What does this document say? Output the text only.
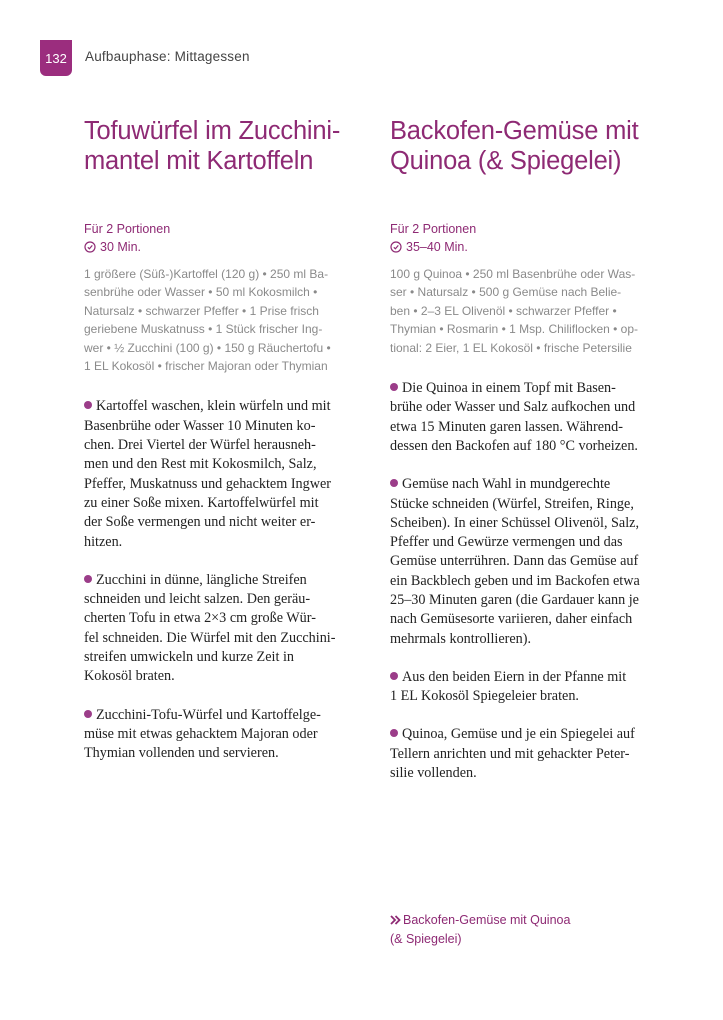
132 Aufbauphase: Mittagessen
Tofuwürfel im Zucchini-
mantel mit Kartoffeln
Für 2 Portionen
30 Min.
1 größere (Süß-)Kartoffel (120 g) • 250 ml Ba-
senbrühe oder Wasser • 50 ml Kokosmilch •
Natursalz • schwarzer Pfeffer • 1 Prise frisch
geriebene Muskatnuss • 1 Stück frischer Ing-
wer • ½ Zucchini (100 g) • 150 g Räuchertofu •
1 EL Kokosöl • frischer Majoran oder Thymian
Kartoffel waschen, klein würfeln und mit
Basenbrühe oder Wasser 10 Minuten ko-
chen. Drei Viertel der Würfel herausneh-
men und den Rest mit Kokosmilch, Salz,
Pfeffer, Muskatnuss und gehacktem Ingwer
zu einer Soße mixen. Kartoffelwürfel mit
der Soße vermengen und nicht weiter er-
hitzen.
Zucchini in dünne, längliche Streifen
schneiden und leicht salzen. Den geräu-
cherten Tofu in etwa 2×3 cm große Wür-
fel schneiden. Die Würfel mit den Zucchini-
streifen umwickeln und kurze Zeit in
Kokosöl braten.
Zucchini-Tofu-Würfel und Kartoffelge-
müse mit etwas gehacktem Majoran oder
Thymian vollenden und servieren.
Backofen-Gemüse mit
Quinoa (& Spiegelei)
Für 2 Portionen
35–40 Min.
100 g Quinoa • 250 ml Basenbrühe oder Was-
ser • Natursalz • 500 g Gemüse nach Belie-
ben • 2–3 EL Olivenöl • schwarzer Pfeffer •
Thymian • Rosmarin • 1 Msp. Chiliflocken • op-
tional: 2 Eier, 1 EL Kokosöl • frische Petersilie
Die Quinoa in einem Topf mit Basen-
brühe oder Wasser und Salz aufkochen und
etwa 15 Minuten garen lassen. Während-
dessen den Backofen auf 180 °C vorheizen.
Gemüse nach Wahl in mundgerechte
Stücke schneiden (Würfel, Streifen, Ringe,
Scheiben). In einer Schüssel Olivenöl, Salz,
Pfeffer und Gewürze vermengen und das
Gemüse unterrühren. Dann das Gemüse auf
ein Backblech geben und im Backofen etwa
25–30 Minuten garen (die Gardauer kann je
nach Gemüsesorte variieren, daher einfach
mehrmals kontrollieren).
Aus den beiden Eiern in der Pfanne mit
1 EL Kokosöl Spiegeleier braten.
Quinoa, Gemüse und je ein Spiegelei auf
Tellern anrichten und mit gehackter Peter-
silie vollenden.
Backofen-Gemüse mit Quinoa
(& Spiegelei)
